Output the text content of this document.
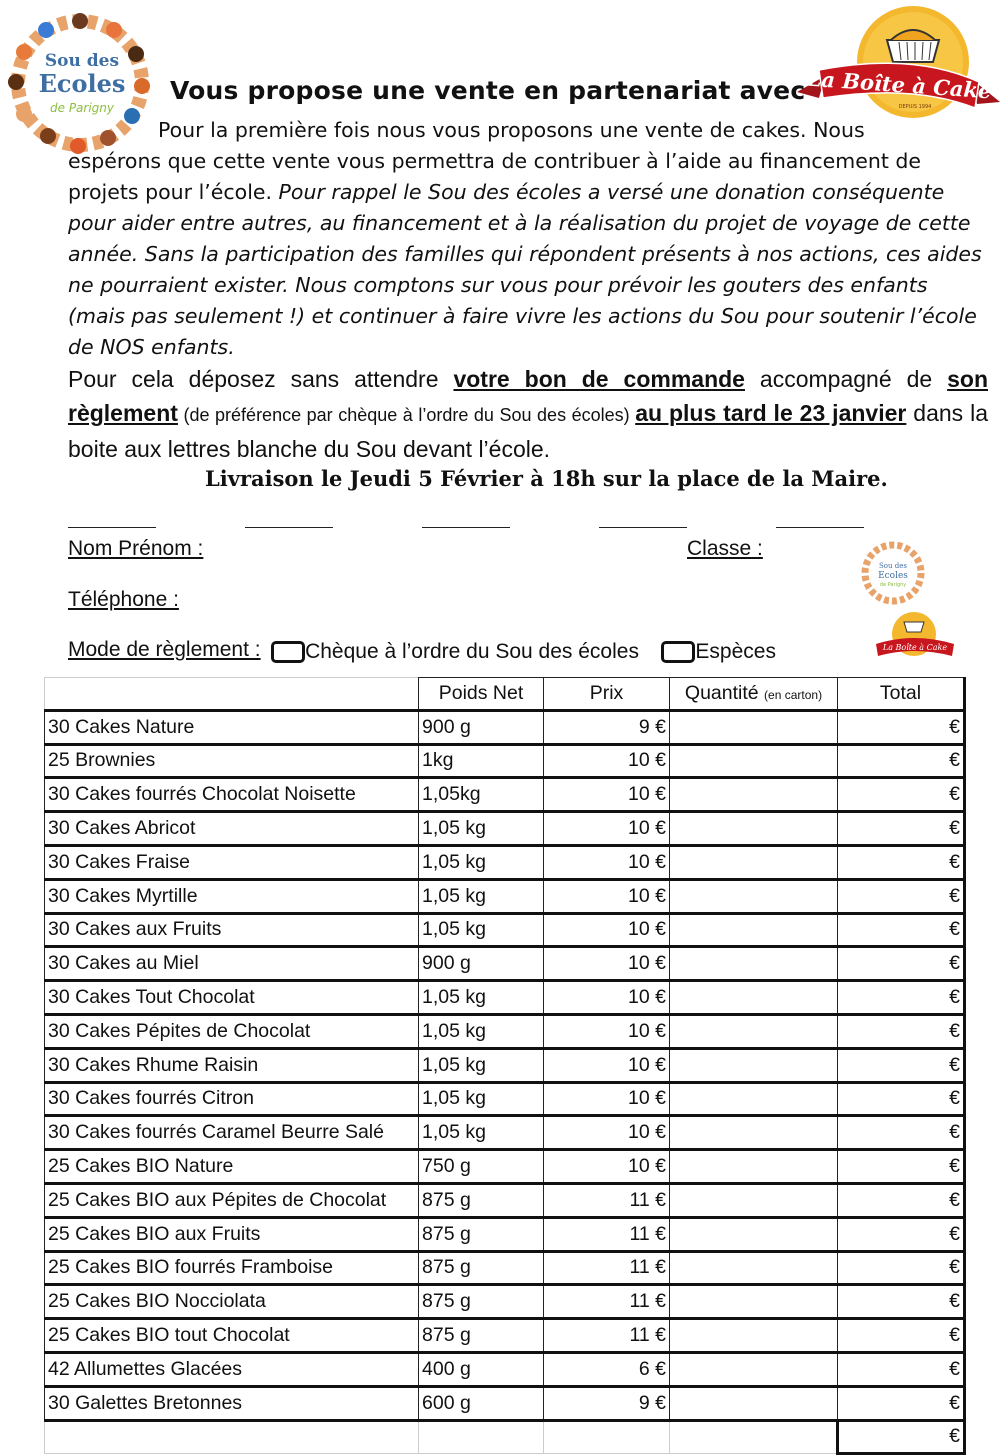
Sou des
Ecoles
de Parigny
La Boîte à Cake
DEPUIS 1994
Vous propose une vente en partenariat avec
Pour la première fois nous vous proposons une vente de cakes. Nous
espérons que cette vente vous permettra de contribuer à l’aide au financement de projets pour l’école. Pour rappel le Sou des écoles a versé une donation conséquente pour aider entre autres, au financement et à la réalisation du projet de voyage de cette année. Sans la participation des familles qui répondent présents à nos actions, ces aides ne pourraient exister. Nous comptons sur vous pour prévoir les gouters des enfants (mais pas seulement !) et continuer à faire vivre les actions du Sou pour soutenir l’école de NOS enfants.
Pour cela déposez sans attendre votre bon de commande accompagné de son règlement (de préférence par chèque à l’ordre du Sou des écoles) au plus tard le 23 janvier dans la boite aux lettres blanche du Sou devant l’école.
Livraison le Jeudi 5 Février à 18h sur la place de la Maire.
Nom Prénom :	Classe :
Téléphone :
Sou des
Ecoles
de Parigny
Mode de règlement : Chèque à l’ordre du Sou des écoles	Espèces	La Boîte à Cake
	Poids Net	Prix	Quantité (en carton)	Total
30 Cakes Nature	900 g	9 €		€
25 Brownies	1kg	10 €		€
30 Cakes fourrés Chocolat Noisette	1,05kg	10 €		€
30 Cakes Abricot	1,05 kg	10 €		€
30 Cakes Fraise	1,05 kg	10 €		€
30 Cakes Myrtille	1,05 kg	10 €		€
30 Cakes aux Fruits	1,05 kg	10 €		€
30 Cakes au Miel	900 g	10 €		€
30 Cakes Tout Chocolat	1,05 kg	10 €		€
30 Cakes Pépites de Chocolat	1,05 kg	10 €		€
30 Cakes Rhume Raisin	1,05 kg	10 €		€
30 Cakes fourrés Citron	1,05 kg	10 €		€
30 Cakes fourrés Caramel Beurre Salé	1,05 kg	10 €		€
25 Cakes BIO Nature	750 g	10 €		€
25 Cakes BIO aux Pépites de Chocolat	875 g	11 €		€
25 Cakes BIO aux Fruits	875 g	11 €		€
25 Cakes BIO fourrés Framboise	875 g	11 €		€
25 Cakes BIO Nocciolata	875 g	11 €		€
25 Cakes BIO tout Chocolat	875 g	11 €		€
42 Allumettes Glacées	400 g	6 €		€
30 Galettes Bretonnes	600 g	9 €		€
				€
